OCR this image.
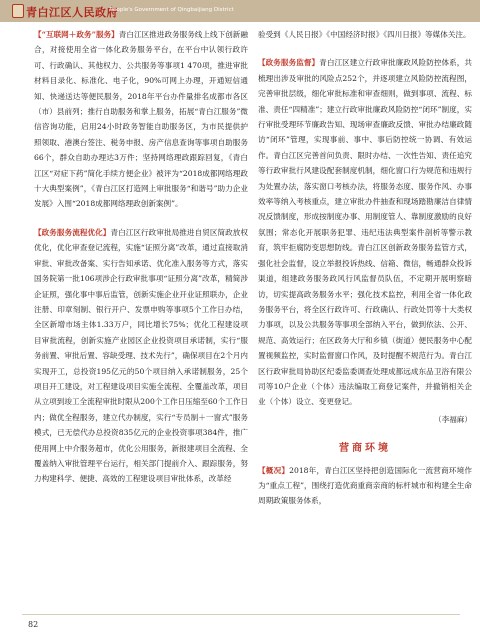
青白江区人民政府
People's Government of Qingbaijiang District

【“互联网＋政务”服务】青白江区推进政务服务线上线下创新融合，对接使用全省一体化政务服务平台，在平台中认领行政许可、行政确认、其他权力、公共服务等事项1 470项，推进审批材料目录化、标准化、电子化，90%可网上办理，开通短信通知、快递送达等便民服务，2018年平台办件量排名成都市各区（市）县前列；推行自助服务和掌上服务，拓展“青白江服务”微信咨询功能，启用24小时政务智能自助服务区，为市民提供护照领取、港澳台签注、税务申报、房产信息查询等事项自助服务66个，群众自助办理达3万件；坚持网络理政跟踪回复，《青白江区“对症下药”简化手续方便企业》被评为“2018成都网络理政十大典型案例”，《青白江区打造网上审批服务“和谐号”助力企业发展》入围“2018成都网络理政创新案例”。

【政务服务流程优化】青白江区行政审批局推进自贸区简政放权优化，优化审查登记流程，实施“证照分离”改革，通过直接取消审批、审批改备案、实行告知承诺、优化准入服务等方式，落实国务院第一批106项涉企行政审批事项“证照分离”改革，精简涉企证照，强化事中事后监管，创新实施企业开业证照联办，企业注册、印章刻制、银行开户、发票申购等事项5个工作日办结，全区新增市场主体1.33万户，同比增长75%；优化工程建设项目审批流程，创新实施产业园区企业投资项目承诺制，实行“服务前置、审批后置、容缺受理、技术先行”，确保项目在2个月内实现开工，总投资195亿元的50个项目纳入承诺制服务，25个项目开工建设，对工程建设项目实施全流程、全覆盖改革，项目从立项到竣工全流程审批时限从200个工作日压缩至60个工作日内；做优全程服务，建立代办制度，实行“专员制＋一窗式”服务模式，已无偿代办总投资835亿元的企业投资事项384件，推广使用网上中介服务超市，优化公用服务，新报建项目全流程、全覆盖纳入审批管理平台运行，相关部门提前介入、跟踪服务，努力构建科学、便捷、高效的工程建设项目审批体系，改革经

验受到《人民日报》《中国经济时报》《四川日报》等媒体关注。

【政务服务监督】青白江区建立行政审批廉政风险防控体系，共梳理出涉及审批的风险点252个，并逐项建立风险防控流程图，完善审批层级，细化审批标准和审查细则，做到事项、流程、标准、责任“四精准”；建立行政审批廉政风险防控“闭环”制度，实行审批受理环节廉政告知、现场审查廉政反馈、审批办结廉政随访“闭环”管理，实现事前、事中、事后防控统一协调、有效运作。青白江区完善首问负责、限时办结、一次性告知、责任追究等行政审批行风建设配套制度机制，细化窗口行为规范和违规行为处置办法，落实窗口考核办法，将服务态度、服务作风、办事效率等纳入考核重点，建立审批办件抽查和现场踏勘廉洁自律情况反馈制度，形成按制度办事、用制度管人、靠制度激励的良好氛围；常态化开展职务犯罪、违纪违法典型案件剖析等警示教育，筑牢拒腐防变思想防线。青白江区创新政务服务监管方式，强化社会监督，设立举报投诉热线、信箱、微信，畅通群众投诉渠道，组建政务服务政风行风监督员队伍，不定期开展明察暗访，切实提高政务服务水平；强化技术监控，利用全省一体化政务服务平台，将全区行政许可、行政确认、行政处罚等十大类权力事项，以及公共服务等事项全部纳入平台，做到依法、公开、规范、高效运行；在区政务大厅和乡镇（街道）便民服务中心配置视频监控，实时监督窗口作风，及时提醒不规范行为。青白江区行政审批局协助区纪委监委调查处理成都远成东品卫浴有限公司等10户企业（个体）违法编取工商登记案件，并撤销相关企业（个体）设立、变更登记。

（李福麻）

营商环境

【概况】2018年，青白江区坚持把创造国际化一流营商环境作为“重点工程”，围绕打造优商重商亲商的标杆城市和构建全生命周期政策服务体系，

82
